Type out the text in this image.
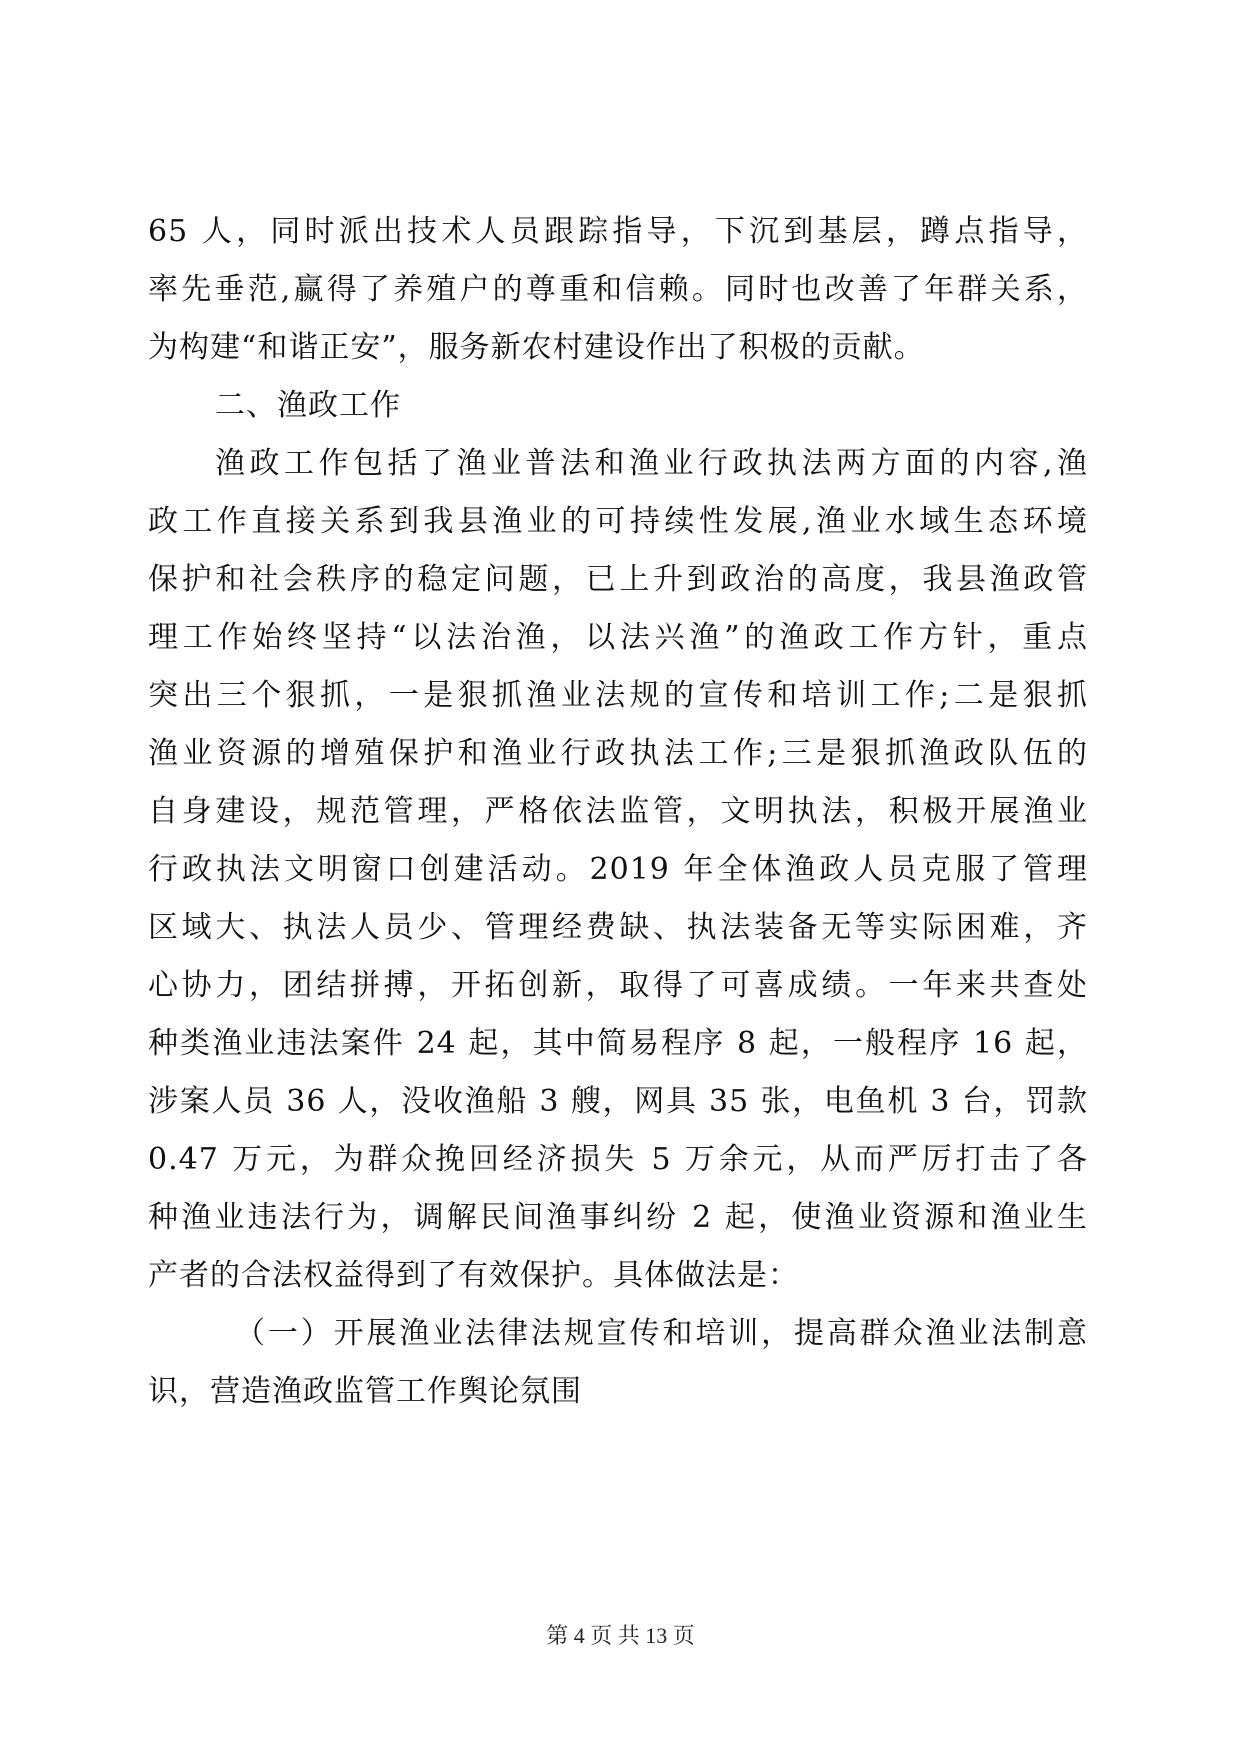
65 人，同时派出技术人员跟踪指导，下沉到基层，蹲点指导，
率先垂范,赢得了养殖户的尊重和信赖。同时也改善了年群关系，
为构建“和谐正安”，服务新农村建设作出了积极的贡献。
二、渔政工作
渔政工作包括了渔业普法和渔业行政执法两方面的内容,渔
政工作直接关系到我县渔业的可持续性发展,渔业水域生态环境
保护和社会秩序的稳定问题，已上升到政治的高度，我县渔政管
理工作始终坚持“以法治渔，以法兴渔”的渔政工作方针，重点
突出三个狠抓，一是狠抓渔业法规的宣传和培训工作;二是狠抓
渔业资源的增殖保护和渔业行政执法工作;三是狠抓渔政队伍的
自身建设，规范管理，严格依法监管，文明执法，积极开展渔业
行政执法文明窗口创建活动。2019 年全体渔政人员克服了管理
区域大、执法人员少、管理经费缺、执法装备无等实际困难，齐
心协力，团结拼搏，开拓创新，取得了可喜成绩。一年来共查处
种类渔业违法案件 24 起，其中简易程序 8 起，一般程序 16 起，
涉案人员 36 人，没收渔船 3 艘，网具 35 张，电鱼机 3 台，罚款
0.47 万元，为群众挽回经济损失 5 万余元，从而严厉打击了各
种渔业违法行为，调解民间渔事纠纷 2 起，使渔业资源和渔业生
产者的合法权益得到了有效保护。具体做法是：
（一）开展渔业法律法规宣传和培训，提高群众渔业法制意
识，营造渔政监管工作舆论氛围
第 4 页 共 13 页
